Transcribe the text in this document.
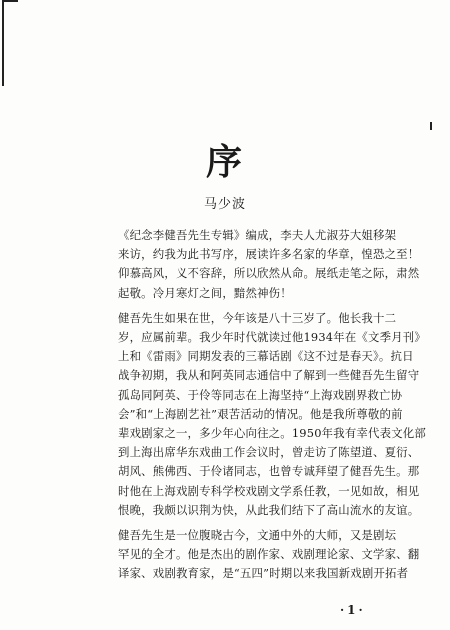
序
马少波

《纪念李健吾先生专辑》编成，李夫人尤淑芬大姐移架
来访，约我为此书写序，展读许多名家的华章，惶恐之至！
仰慕高风，义不容辞，所以欣然从命。展纸走笔之际，肃然
起敬。冷月寒灯之间，黯然神伤！

健吾先生如果在世，今年该是八十三岁了。他长我十二
岁，应属前辈。我少年时代就读过他1934年在《文季月刊》
上和《雷雨》同期发表的三幕话剧《这不过是春天》。抗日
战争初期，我从和阿英同志通信中了解到一些健吾先生留守
孤岛同阿英、于伶等同志在上海坚持“上海戏剧界救亡协
会”和“上海剧艺社”艰苦活动的情况。他是我所尊敬的前
辈戏剧家之一，多少年心向往之。1950年我有幸代表文化部
到上海出席华东戏曲工作会议时，曾走访了陈望道、夏衍、
胡风、熊佛西、于伶诸同志，也曾专诚拜望了健吾先生。那
时他在上海戏剧专科学校戏剧文学系任教，一见如故，相见
恨晚，我颇以识荆为快，从此我们结下了高山流水的友谊。

健吾先生是一位腹晓古今，文通中外的大师，又是剧坛
罕见的全才。他是杰出的剧作家、戏剧理论家、文学家、翻
译家、戏剧教育家，是“五四”时期以来我国新戏剧开拓者

·1·
